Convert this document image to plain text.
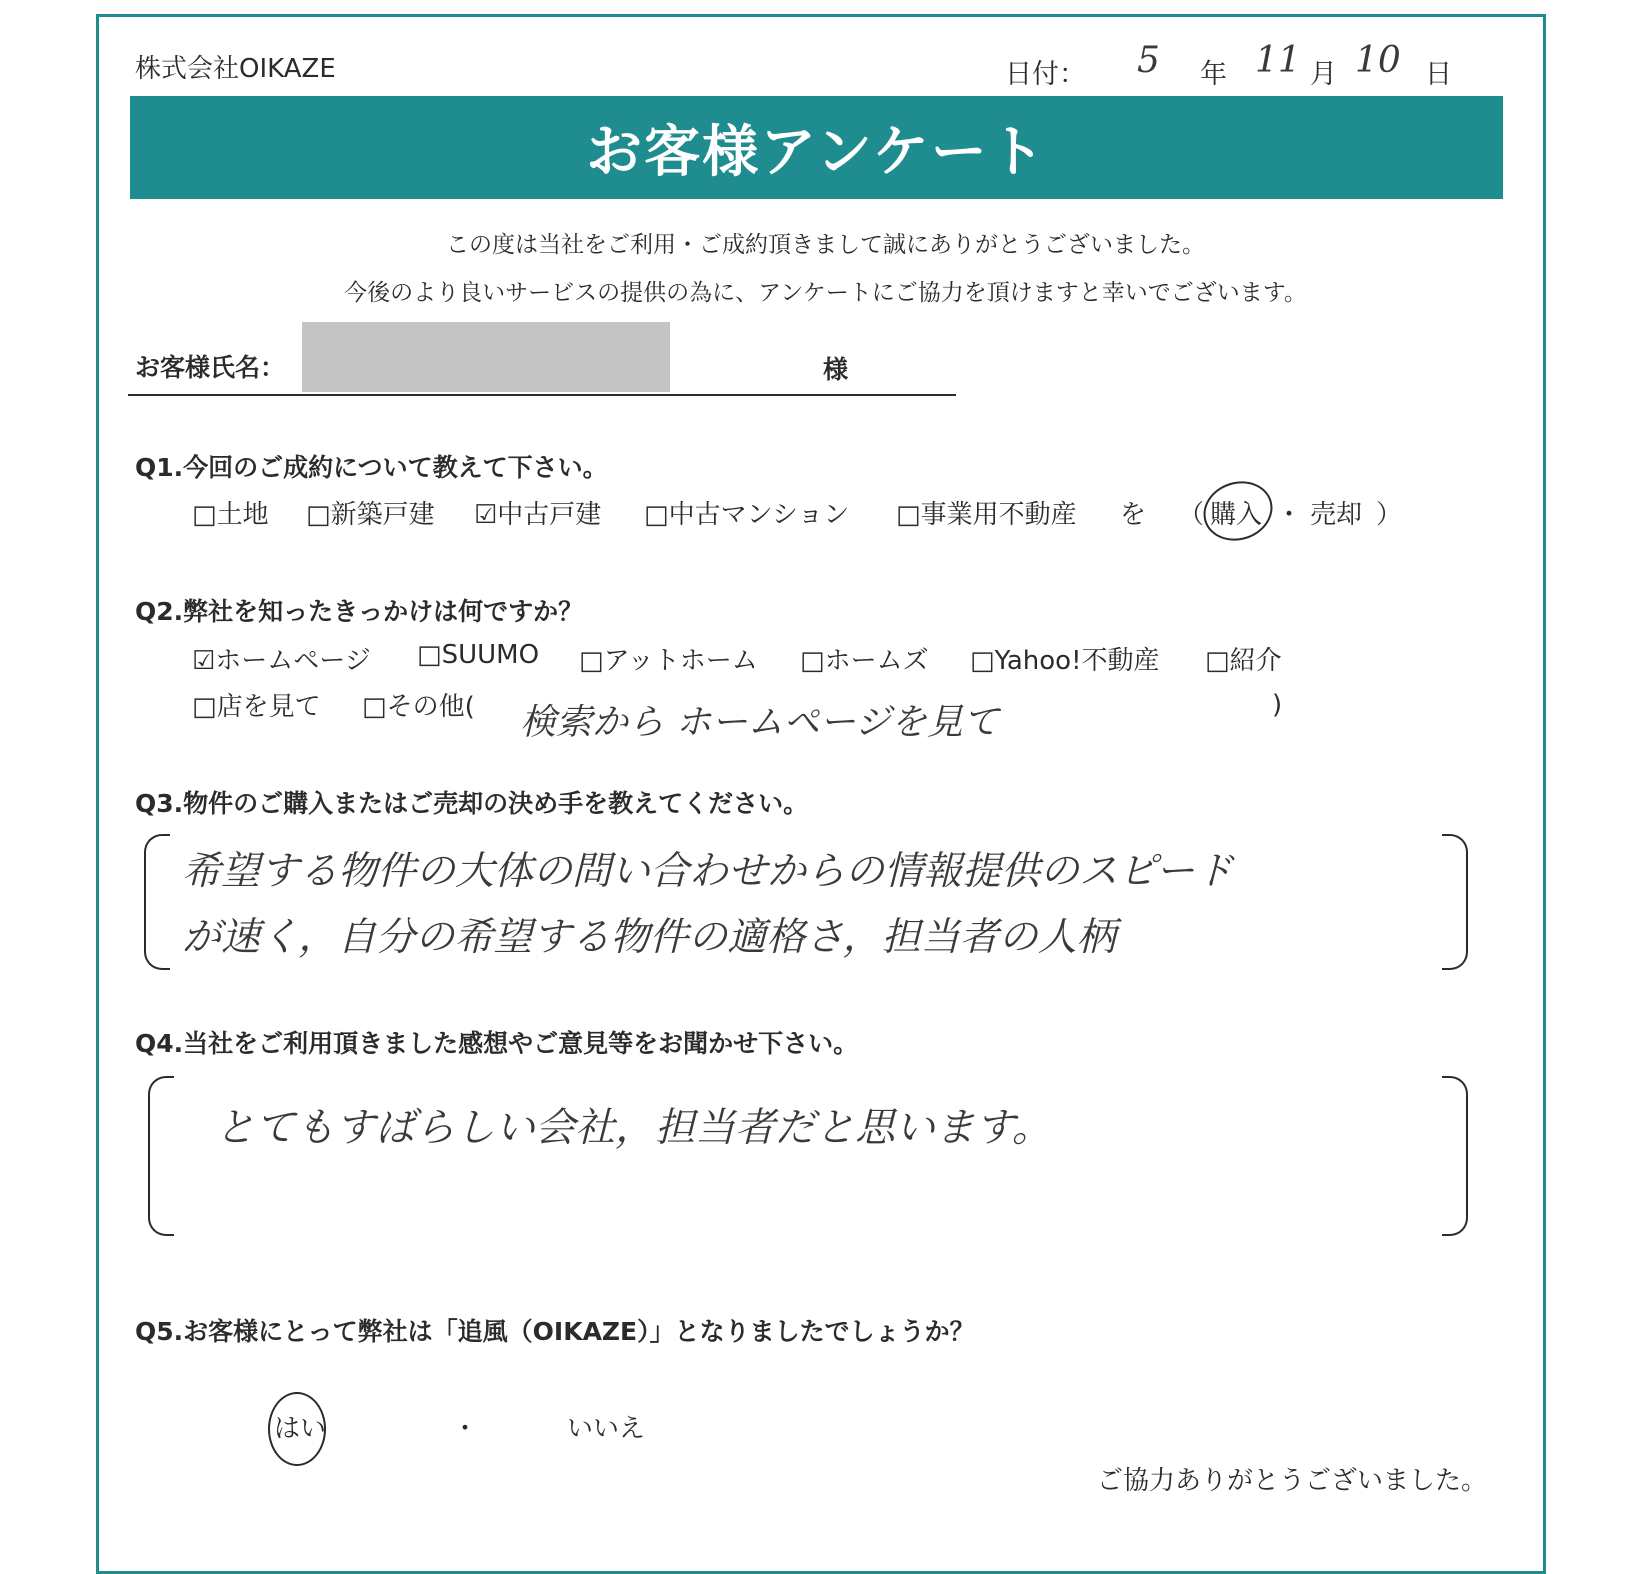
株式会社OIKAZE	日付： 5 年 11 月 10 日
お客様アンケート
この度は当社をご利用・ご成約頂きまして誠にありがとうございました。
今後のより良いサービスの提供の為に、アンケートにご協力を頂けますと幸いでございます。
お客様氏名：	様
Q1.今回のご成約について教えて下さい。
□土地 □新築戸建 ☑中古戸建 □中古マンション □事業用不動産 を （ 購入 ・ 売却 ）
Q2.弊社を知ったきっかけは何ですか？
☑ホームページ □SUUMO □アットホーム □ホームズ □Yahoo!不動産 □紹介
□店を見て □その他( 検索から ホームページを見て	)
Q3.物件のご購入またはご売却の決め手を教えてください。
希望する物件の大体の問い合わせからの情報提供のスピード
が速く，自分の希望する物件の適格さ，担当者の人柄
Q4.当社をご利用頂きました感想やご意見等をお聞かせ下さい。
とてもすばらしい会社，担当者だと思います。
Q5.お客様にとって弊社は「追風（OIKAZE）」となりましたでしょうか？
はい	・	いいえ
ご協力ありがとうございました。
